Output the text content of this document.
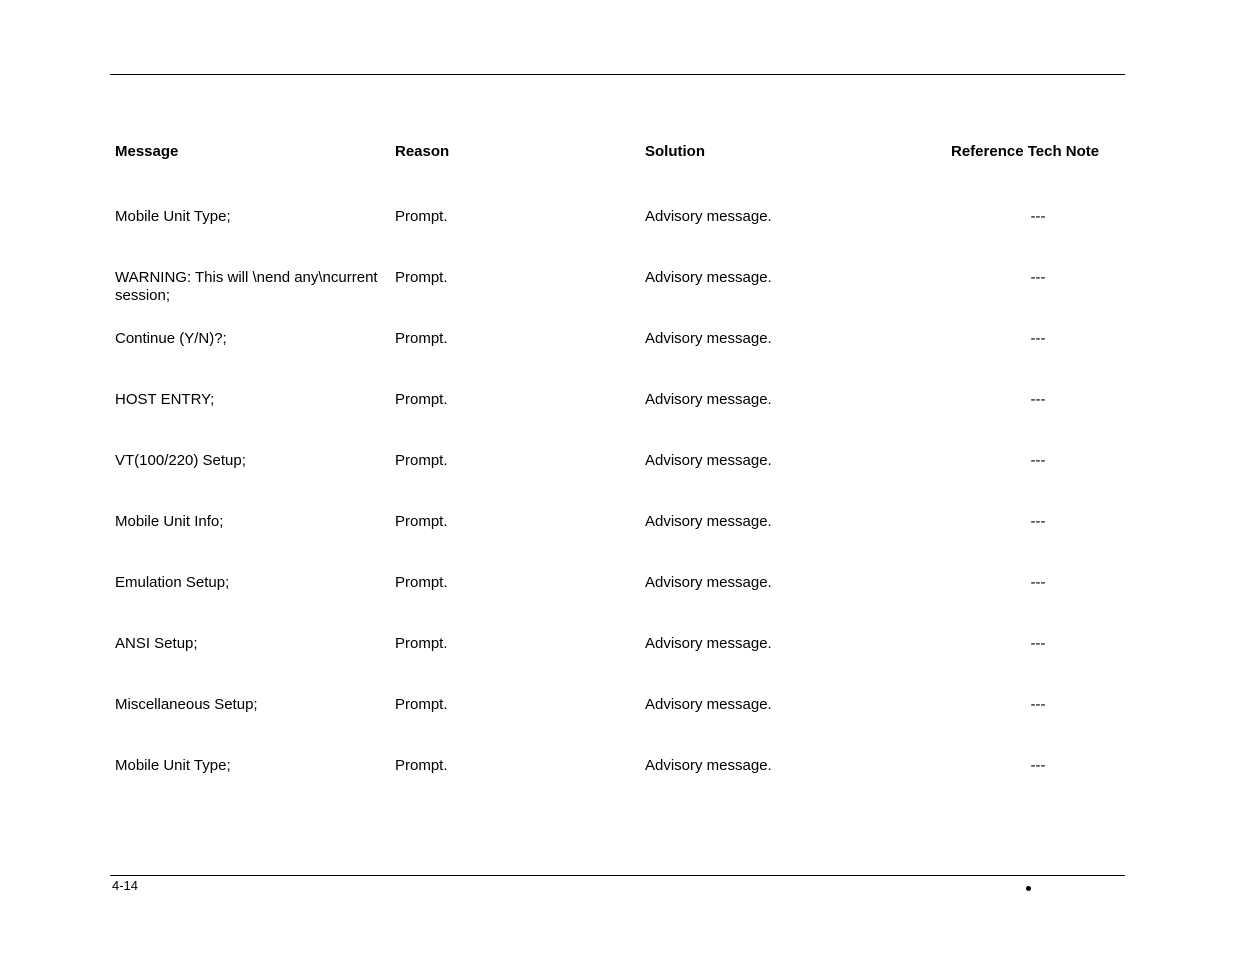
Message	Reason	Solution	Reference Tech Note
Mobile Unit Type;	Prompt.	Advisory message.	---
WARNING: This will \nend any\ncurrent session;	Prompt.	Advisory message.	---
Continue (Y/N)?;	Prompt.	Advisory message.	---
HOST ENTRY;	Prompt.	Advisory message.	---
VT(100/220) Setup;	Prompt.	Advisory message.	---
Mobile Unit Info;	Prompt.	Advisory message.	---
Emulation Setup;	Prompt.	Advisory message.	---
ANSI Setup;	Prompt.	Advisory message.	---
Miscellaneous Setup;	Prompt.	Advisory message.	---
Mobile Unit Type;	Prompt.	Advisory message.	---
4-14
